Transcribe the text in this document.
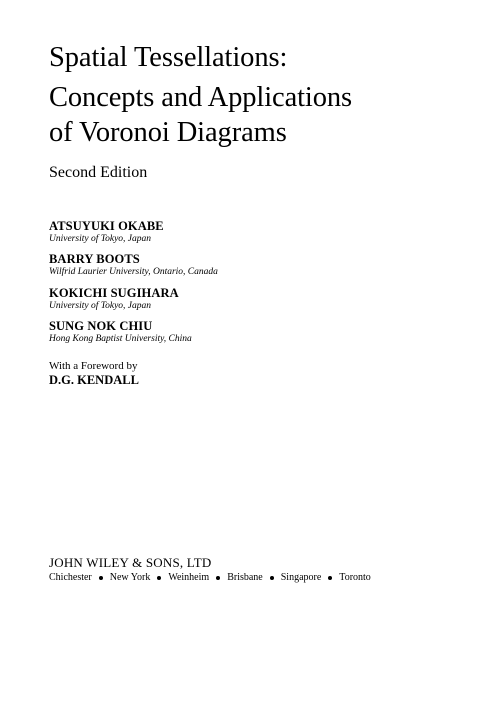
Spatial Tessellations:
Concepts and Applications
of Voronoi Diagrams
Second Edition
ATSUYUKI OKABE
University of Tokyo, Japan
BARRY BOOTS
Wilfrid Laurier University, Ontario, Canada
KOKICHI SUGIHARA
University of Tokyo, Japan
SUNG NOK CHIU
Hong Kong Baptist University, China
With a Foreword by
D.G. KENDALL
JOHN WILEY & SONS, LTD
Chichester New York Weinheim Brisbane Singapore Toronto
